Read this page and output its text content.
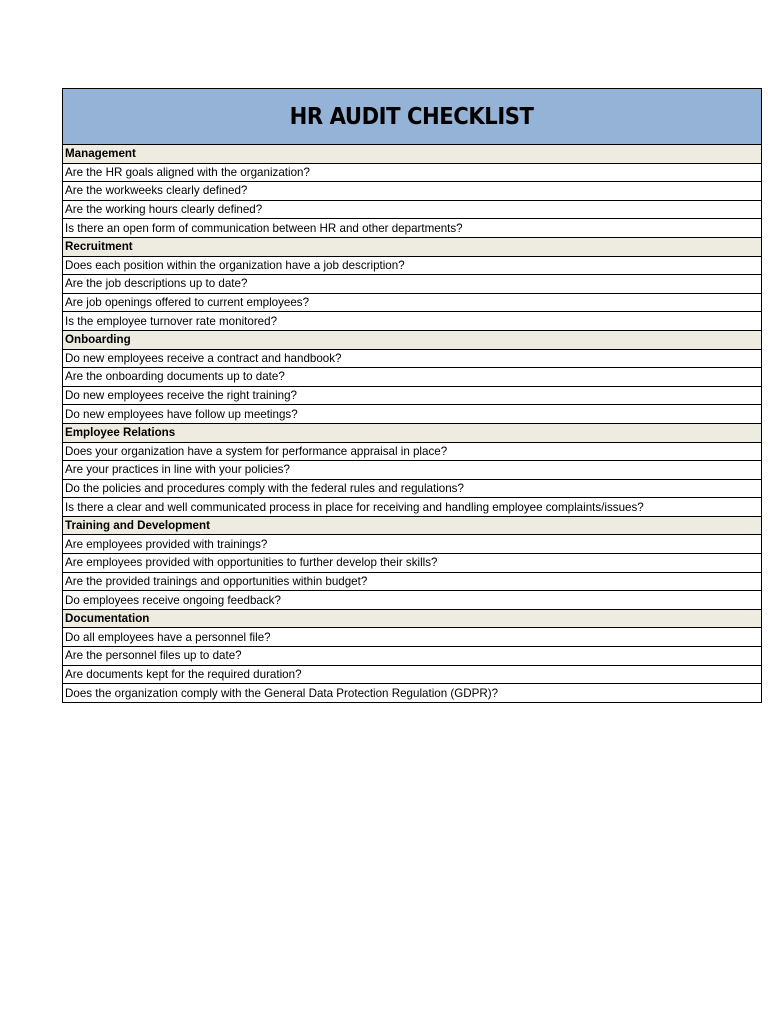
HR AUDIT CHECKLIST
Management
Are the HR goals aligned with the organization?
Are the workweeks clearly defined?
Are the working hours clearly defined?
Is there an open form of communication between HR and other departments?
Recruitment
Does each position within the organization have a job description?
Are the job descriptions up to date?
Are job openings offered to current employees?
Is the employee turnover rate monitored?
Onboarding
Do new employees receive a contract and handbook?
Are the onboarding documents up to date?
Do new employees receive the right training?
Do new employees have follow up meetings?
Employee Relations
Does your organization have a system for performance appraisal in place?
Are your practices in line with your policies?
Do the policies and procedures comply with the federal rules and regulations?
Is there a clear and well communicated process in place for receiving and handling employee complaints/issues?
Training and Development
Are employees provided with trainings?
Are employees provided with opportunities to further develop their skills?
Are the provided trainings and opportunities within budget?
Do employees receive ongoing feedback?
Documentation
Do all employees have a personnel file?
Are the personnel files up to date?
Are documents kept for the required duration?
Does the organization comply with the General Data Protection Regulation (GDPR)?
